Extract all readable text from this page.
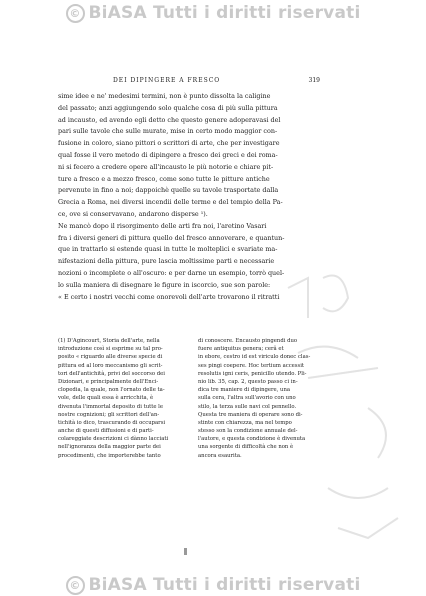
© BiASA Tutti i diritti riservati
DEI DIPINGERE A FRESCO	319
sime idee e ne' medesimi termini, non è punto dissolta la caligine
del passato; anzi aggiungendo solo qualche cosa di più sulla pittura
ad incausto, ed avendo egli detto che questo genere adoperavasi del
pari sulle tavole che sulle murate, mise in certo modo maggior con-
fusione in coloro, siano pittori o scrittori di arte, che per investigare
qual fosse il vero metodo di dipingere a fresco dei greci e dei roma-
ni si fecero a credere opere all'incausto le più notorie e chiare pit-
ture a fresco e a mezzo fresco, come sono tutte le pitture antiche
pervenute in fino a noi; dappoichè quelle su tavole trasportate dalla
Grecia a Roma, nei diversi incendii delle terme e del tempio della Pa-
ce, ove si conservavano, andarono disperse ¹).
Ne mancò dopo il risorgimento delle arti fra noi, l'aretino Vasari
fra i diversi generi di pittura quello del fresco annoverare, e quantun-
que in trattarlo si estende quasi in tutte le molteplici e svariate ma-
nifestazioni della pittura, pure lascia moltissime parti e necessarie
nozioni o incomplete o all'oscuro: e per darne un esempio, torrò quel-
lo sulla maniera di disegnare le figure in iscorcio, sue son parole:
« E certo i nostri vecchi come onorevoli dell'arte trovarono il ritratti
(1) D'Agincourt, Storia dell'arte, nella
introduzione così si esprime su tal pro-
posito « riguardo alle diverse specie di
pittura ed al loro meccanismo gli scrit-
tori dell'antichità, privi del soccorso dei
Dizionari, e principalmente dell'Enci-
clopedia, la quale, non l'ornato delle ta-
vole, delle quali essa è arricchita, è
divenuta l'immortal deposito di tutte le
nostre cognizioni; gli scrittori dell'an-
tichità io dico, trascurando di occuparsi
anche di questi diffusioni e di parti-
colareggiate descrizioni ci dànno lacciati
nell'ignoranza della maggior parte dei
procedimenti, che importerebbe tanto
di conoscere. Encausto pingendi duo
fuere antiquitus genera; cerâ et
in ebore, cestro id est viriculo donec clas-
ses pingi coepere. Hoc tertium accessit
resolutis igni ceris, penicillo utendo. Pli-
nio lib. 35, cap. 2, questo passo ci in-
dica tre maniere di dipingere, una
sulla cera, l'altra sull'avorio con uno
stilo, la terza sulle navi col pennello.
Questa tre maniera di operare sono di-
stinte con chiarezza, ma nel tempo
stesso son la condizione annuale del-
l'autore, e questa condizione è divenuta
una sorgente di difficoltà che non è
ancora esaurita.
© BiASA Tutti i diritti riservati
